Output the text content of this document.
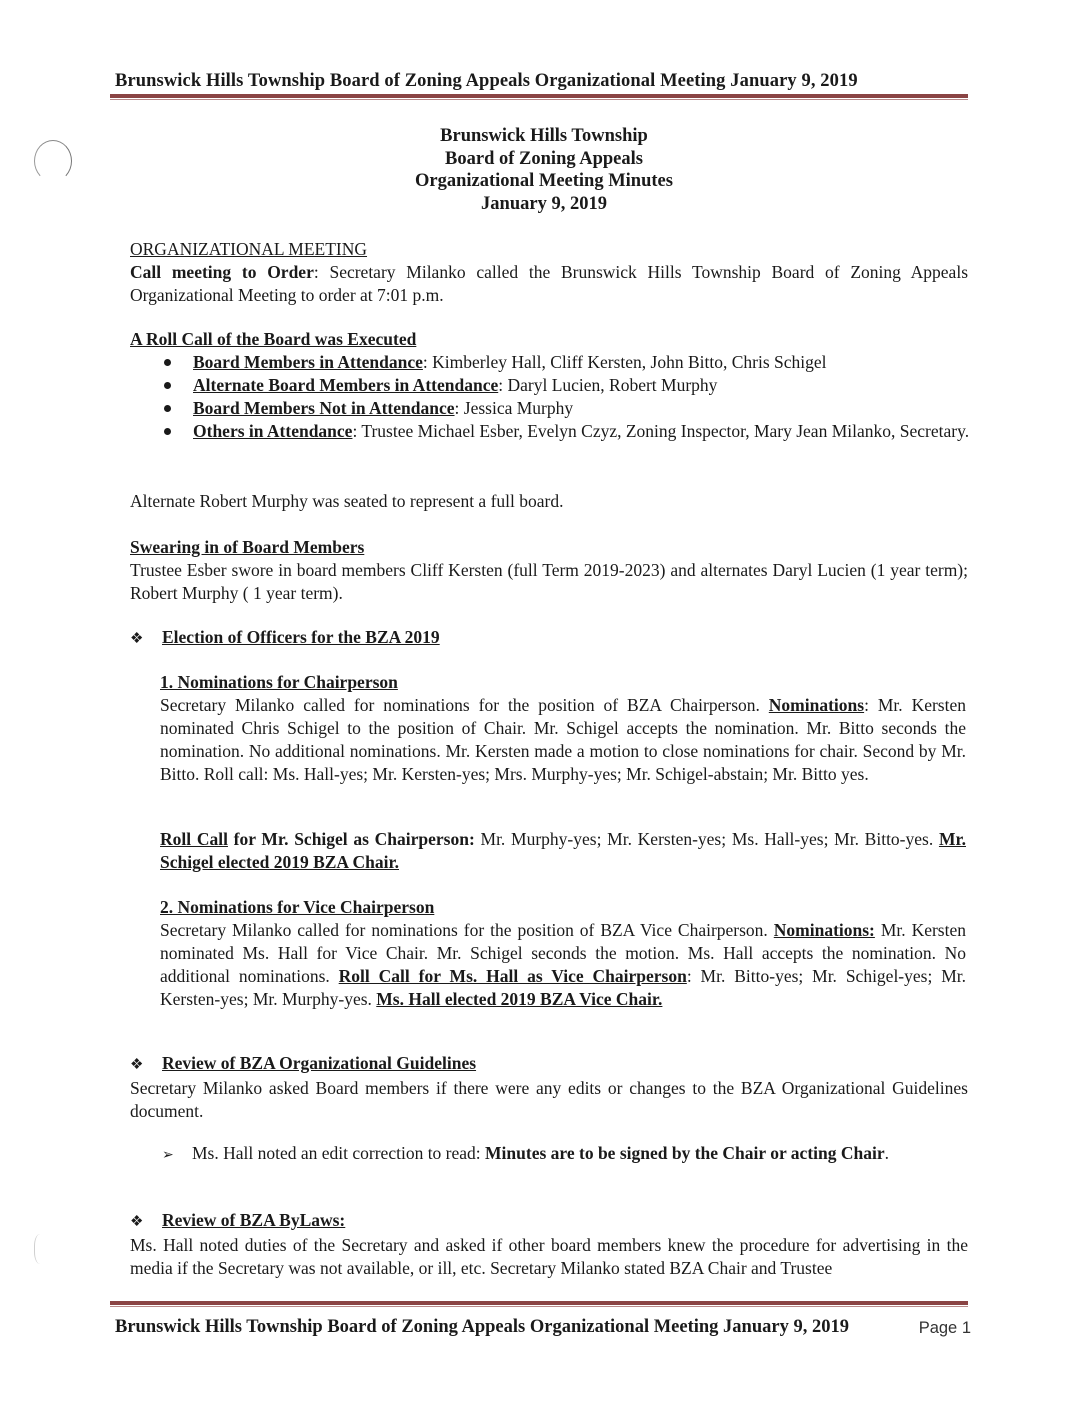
Brunswick Hills Township Board of Zoning Appeals Organizational Meeting January 9, 2019
Brunswick Hills Township
Board of Zoning Appeals
Organizational Meeting Minutes
January 9, 2019
ORGANIZATIONAL MEETING
Call meeting to Order: Secretary Milanko called the Brunswick Hills Township Board of Zoning Appeals Organizational Meeting to order at 7:01 p.m.
A Roll Call of the Board was Executed
Board Members in Attendance: Kimberley Hall, Cliff Kersten, John Bitto, Chris Schigel
Alternate Board Members in Attendance: Daryl Lucien, Robert Murphy
Board Members Not in Attendance: Jessica Murphy
Others in Attendance: Trustee Michael Esber, Evelyn Czyz, Zoning Inspector, Mary Jean Milanko, Secretary.
Alternate Robert Murphy was seated to represent a full board.
Swearing in of Board Members
Trustee Esber swore in board members Cliff Kersten (full Term 2019-2023) and alternates Daryl Lucien (1 year term); Robert Murphy ( 1 year term).
❖ Election of Officers for the BZA 2019
1. Nominations for Chairperson
Secretary Milanko called for nominations for the position of BZA Chairperson. Nominations: Mr. Kersten nominated Chris Schigel to the position of Chair. Mr. Schigel accepts the nomination. Mr. Bitto seconds the nomination. No additional nominations. Mr. Kersten made a motion to close nominations for chair. Second by Mr. Bitto. Roll call: Ms. Hall-yes; Mr. Kersten-yes; Mrs. Murphy-yes; Mr. Schigel-abstain; Mr. Bitto yes.
Roll Call for Mr. Schigel as Chairperson: Mr. Murphy-yes; Mr. Kersten-yes; Ms. Hall-yes; Mr. Bitto-yes. Mr. Schigel elected 2019 BZA Chair.
2. Nominations for Vice Chairperson
Secretary Milanko called for nominations for the position of BZA Vice Chairperson. Nominations: Mr. Kersten nominated Ms. Hall for Vice Chair. Mr. Schigel seconds the motion. Ms. Hall accepts the nomination. No additional nominations. Roll Call for Ms. Hall as Vice Chairperson: Mr. Bitto-yes; Mr. Schigel-yes; Mr. Kersten-yes; Mr. Murphy-yes. Ms. Hall elected 2019 BZA Vice Chair.
❖ Review of BZA Organizational Guidelines
Secretary Milanko asked Board members if there were any edits or changes to the BZA Organizational Guidelines document.
➢ Ms. Hall noted an edit correction to read: Minutes are to be signed by the Chair or acting Chair.
❖ Review of BZA ByLaws:
Ms. Hall noted duties of the Secretary and asked if other board members knew the procedure for advertising in the media if the Secretary was not available, or ill, etc. Secretary Milanko stated BZA Chair and Trustee
Brunswick Hills Township Board of Zoning Appeals Organizational Meeting January 9, 2019	Page 1
